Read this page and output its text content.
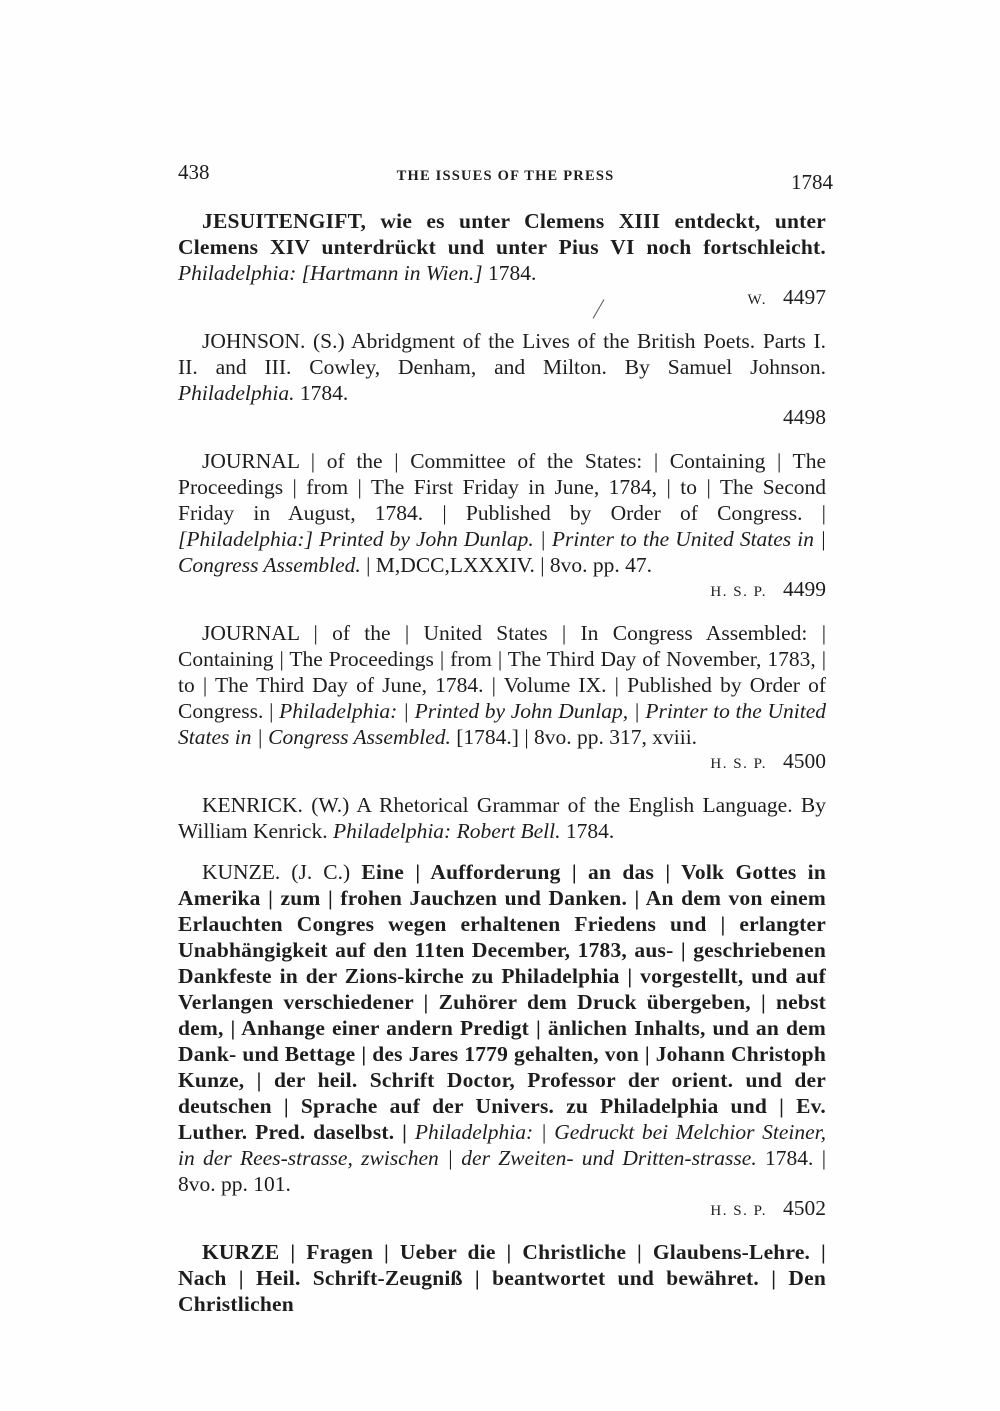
438	THE ISSUES OF THE PRESS	1784

JESUITENGIFT, wie es unter Clemens XIII entdeckt, unter Clemens XIV unterdrückt und unter Pius VI noch fortschleicht. Philadelphia: [Hartmann in Wien.] 1784.
W. 4497

JOHNSON. (S.) Abridgment of the Lives of the British Poets. Parts I. II. and III. Cowley, Denham, and Milton. By Samuel Johnson. Philadelphia. 1784.
4498

JOURNAL | of the | Committee of the States: | Containing | The Proceedings | from | The First Friday in June, 1784, | to | The Second Friday in August, 1784. | Published by Order of Congress. | [Philadelphia:] Printed by John Dunlap. | Printer to the United States in | Congress Assembled. | M,DCC,LXXXIV. | 8vo. pp. 47.
H. S. P. 4499

JOURNAL | of the | United States | In Congress Assembled: | Containing | The Proceedings | from | The Third Day of November, 1783, | to | The Third Day of June, 1784. | Volume IX. | Published by Order of Congress. | Philadelphia: | Printed by John Dunlap, | Printer to the United States in | Congress Assembled. [1784.] | 8vo. pp. 317, xviii.
H. S. P. 4500

KENRICK. (W.) A Rhetorical Grammar of the English Language. By William Kenrick. Philadelphia: Robert Bell. 1784.

KUNZE. (J. C.) Eine | Aufforderung | an das | Volk Gottes in Amerika | zum | frohen Jauchzen und Danken. | An dem von einem Erlauchten Congres wegen erhaltenen Friedens und | erlangter Unabhängigkeit auf den 11ten December, 1783, aus- | geschriebenen Dankfeste in der Zions-kirche zu Philadelphia | vorgestellt, und auf Verlangen verschiedener | Zuhörer dem Druck übergeben, | nebst dem, | Anhange einer andern Predigt | änlichen Inhalts, und an dem Dank- und Bettage | des Jares 1779 gehalten, von | Johann Christoph Kunze, | der heil. Schrift Doctor, Professor der orient. und der deutschen | Sprache auf der Univers. zu Philadelphia und | Ev. Luther. Pred. daselbst. | Philadelphia: | Gedruckt bei Melchior Steiner, in der Rees-strasse, zwischen | der Zweiten- und Dritten-strasse. 1784. | 8vo. pp. 101.
H. S. P. 4502

KURZE | Fragen | Ueber die | Christliche | Glaubens-Lehre. | Nach | Heil. Schrift-Zeugniß | beantwortet und bewähret. | Den Christlichen
